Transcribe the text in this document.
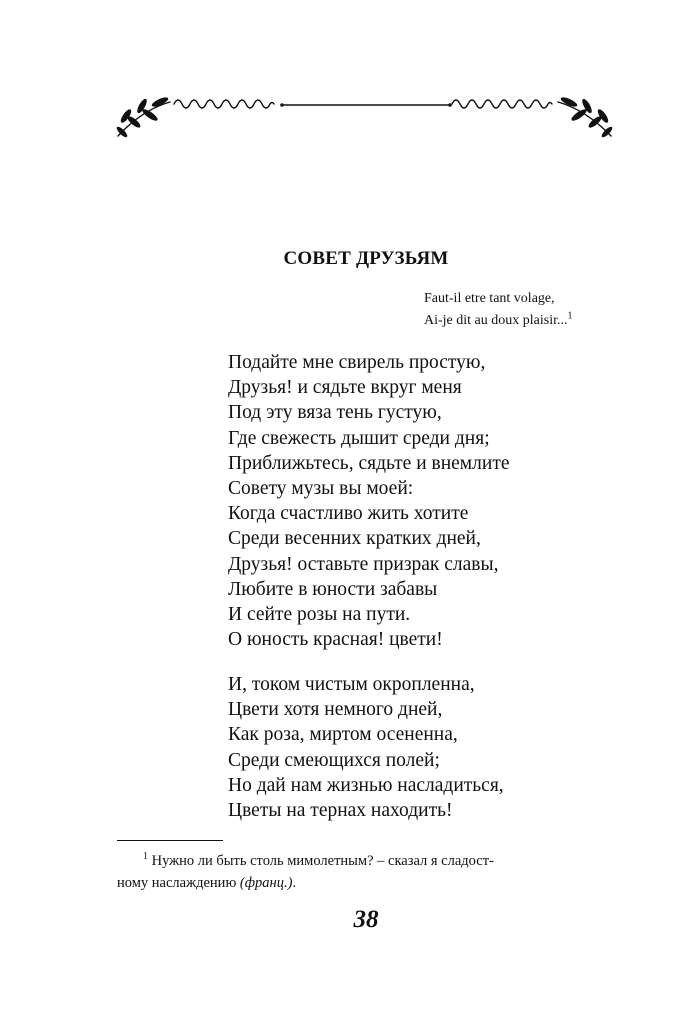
СОВЕТ ДРУЗЬЯМ
Faut-il etre tant volage,
Ai-je dit au doux plaisir...$^1$
Подайте мне свирель простую,
Друзья! и сядьте вкруг меня
Под эту вяза тень густую,
Где свежесть дышит среди дня;
Приближьтесь, сядьте и внемлите
Совету музы вы моей:
Когда счастливо жить хотите
Среди весенних кратких дней,
Друзья! оставьте призрак славы,
Любите в юности забавы
И сейте розы на пути.
О юность красная! цвети!
И, током чистым окропленна,
Цвети хотя немного дней,
Как роза, миртом осененна,
Среди смеющихся полей;
Но дай нам жизнью насладиться,
Цветы на тернах находить!
$^1$ Нужно ли быть столь мимолетным? – сказал я сладост-
ному наслаждению (франц.).
38
